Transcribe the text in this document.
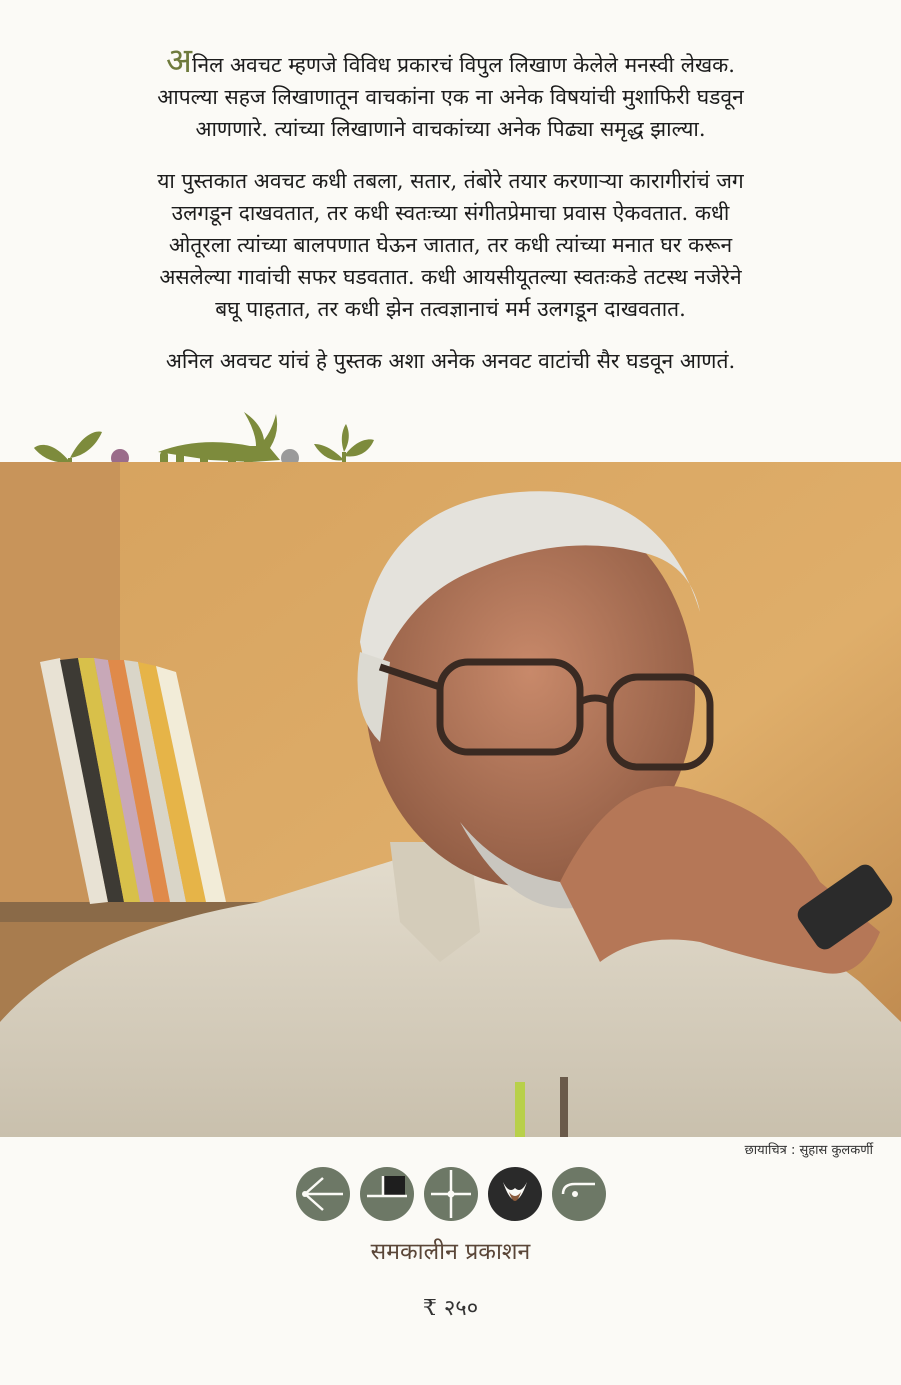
अनिल अवचट म्हणजे विविध प्रकारचं विपुल लिखाण केलेले मनस्वी लेखक.
आपल्या सहज लिखाणातून वाचकांना एक ना अनेक विषयांची मुशाफिरी घडवून
आणणारे. त्यांच्या लिखाणाने वाचकांच्या अनेक पिढ्या समृद्ध झाल्या.

या पुस्तकात अवचट कधी तबला, सतार, तंबोरे तयार करणाऱ्या कारागीरांचं जग
उलगडून दाखवतात, तर कधी स्वतःच्या संगीतप्रेमाचा प्रवास ऐकवतात. कधी
ओतूरला त्यांच्या बालपणात घेऊन जातात, तर कधी त्यांच्या मनात घर करून
असलेल्या गावांची सफर घडवतात. कधी आयसीयूतल्या स्वतःकडे तटस्थ नजेरेने
बघू पाहतात, तर कधी झेन तत्वज्ञानाचं मर्म उलगडून दाखवतात.

अनिल अवचट यांचं हे पुस्तक अशा अनेक अनवट वाटांची सैर घडवून आणतं.

छायाचित्र : सुहास कुलकर्णी
समकालीन प्रकाशन
₹ २५०
